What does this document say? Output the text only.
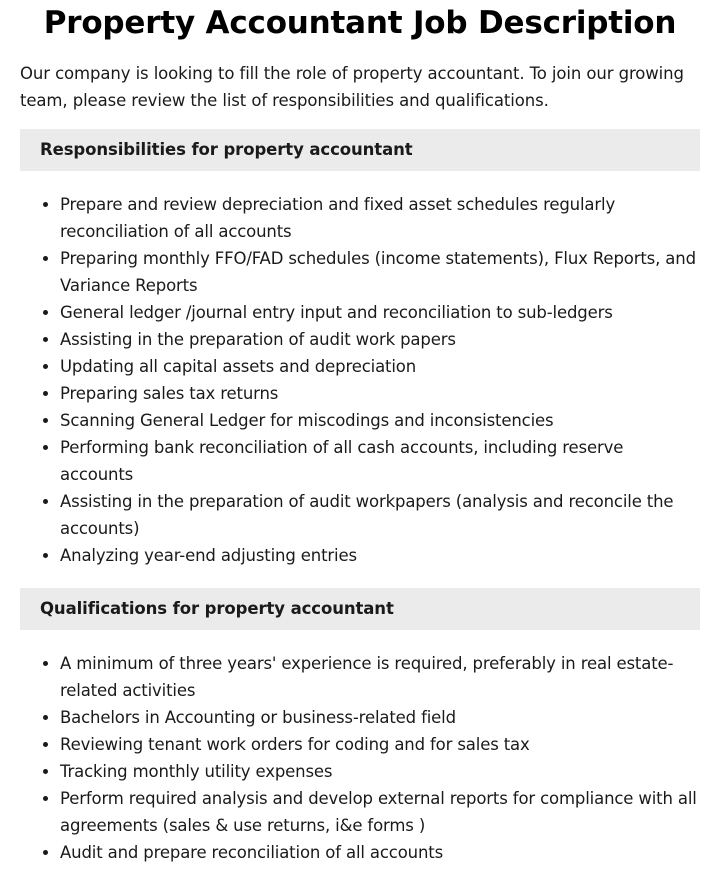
Property Accountant Job Description

Our company is looking to fill the role of property accountant. To join our growing team, please review the list of responsibilities and qualifications.

Responsibilities for property accountant
Prepare and review depreciation and fixed asset schedules regularly reconciliation of all accounts
Preparing monthly FFO/FAD schedules (income statements), Flux Reports, and Variance Reports
General ledger /journal entry input and reconciliation to sub-ledgers
Assisting in the preparation of audit work papers
Updating all capital assets and depreciation
Preparing sales tax returns
Scanning General Ledger for miscodings and inconsistencies
Performing bank reconciliation of all cash accounts, including reserve accounts
Assisting in the preparation of audit workpapers (analysis and reconcile the accounts)
Analyzing year-end adjusting entries
Qualifications for property accountant
A minimum of three years' experience is required, preferably in real estate-related activities
Bachelors in Accounting or business-related field
Reviewing tenant work orders for coding and for sales tax
Tracking monthly utility expenses
Perform required analysis and develop external reports for compliance with all agreements (sales & use returns, i&e forms )
Audit and prepare reconciliation of all accounts
